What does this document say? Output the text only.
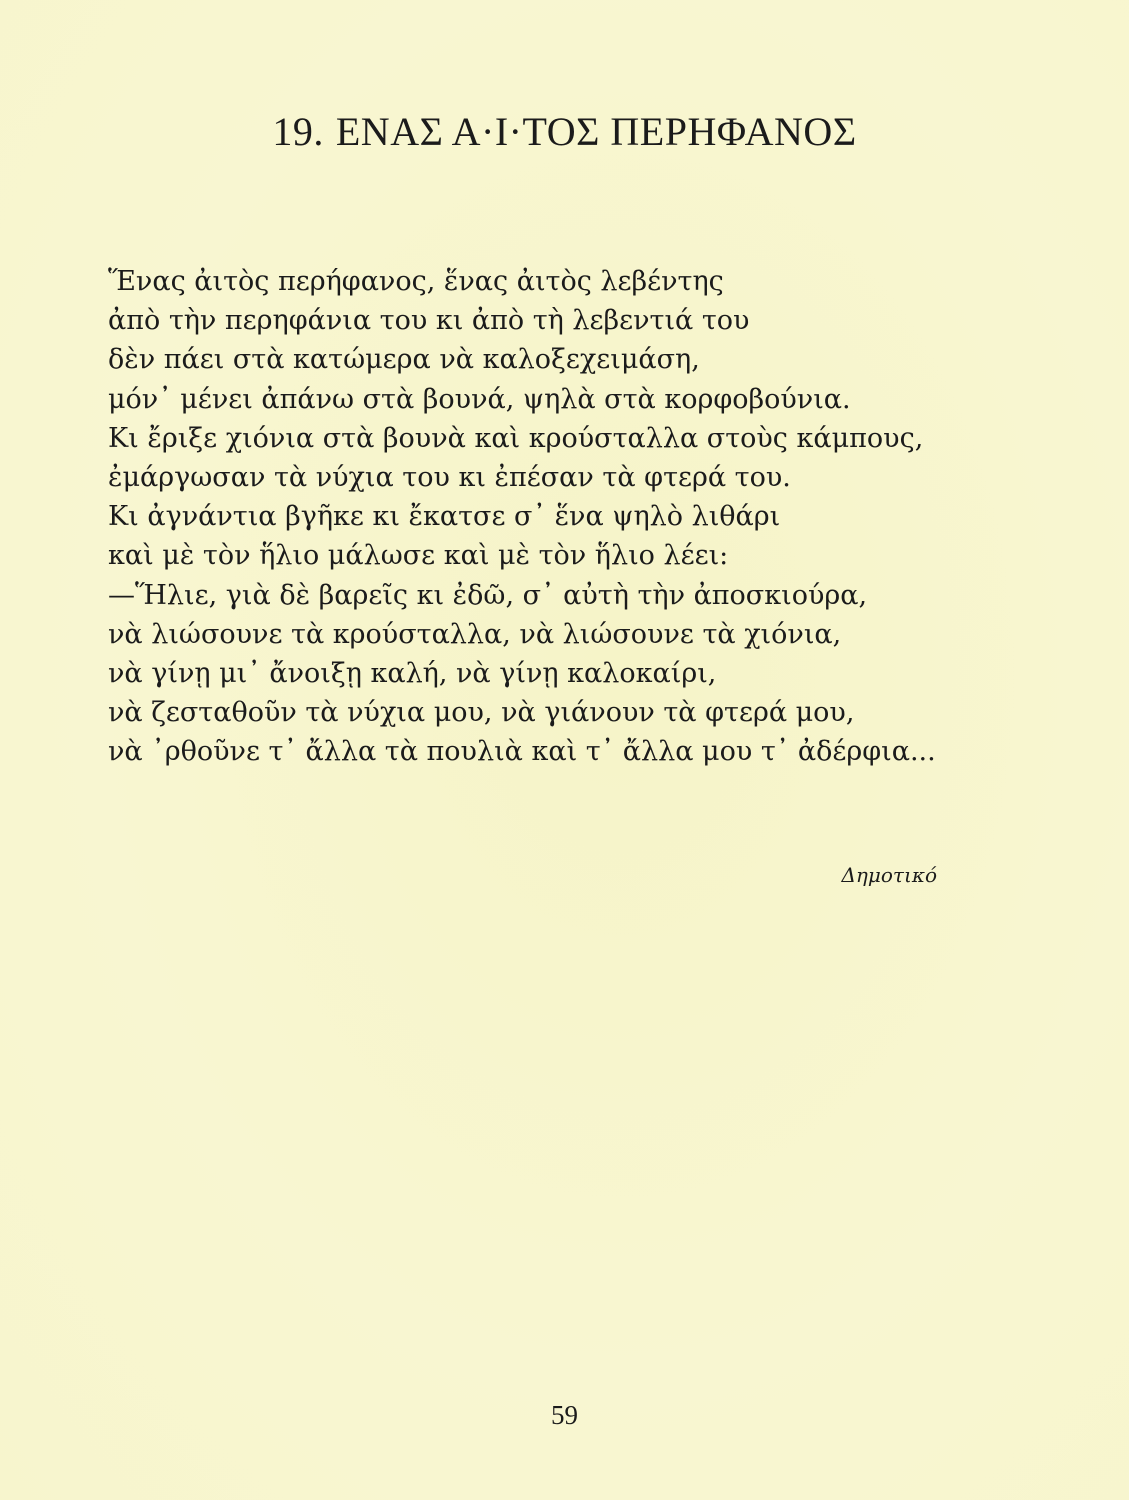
19. ΕΝΑΣ Α·Ι·ΤΟΣ ΠΕΡΗΦΑΝΟΣ
Ἕνας ἀιτὸς περήφανος, ἕνας ἀιτὸς λεβέντης
ἀπὸ τὴν περηφάνια του κι ἀπὸ τὴ λεβεντιά του
δὲν πάει στὰ κατώμερα νὰ καλοξεχειμάση,
μόν᾽ μένει ἀπάνω στὰ βουνά, ψηλὰ στὰ κορφοβούνια.
Κι ἔριξε χιόνια στὰ βουνὰ καὶ κρούσταλλα στοὺς κάμπους,
ἐμάργωσαν τὰ νύχια του κι ἐπέσαν τὰ φτερά του.
Κι ἀγνάντια βγῆκε κι ἔκατσε σ᾽ ἕνα ψηλὸ λιθάρι
καὶ μὲ τὸν ἥλιο μάλωσε καὶ μὲ τὸν ἥλιο λέει:
—Ἥλιε, γιὰ δὲ βαρεῖς κι ἐδῶ, σ᾽ αὐτὴ τὴν ἀποσκιούρα,
νὰ λιώσουνε τὰ κρούσταλλα, νὰ λιώσουνε τὰ χιόνια,
νὰ γίνῃ μι᾽ ἄνοιξῃ καλή, νὰ γίνῃ καλοκαίρι,
νὰ ζεσταθοῦν τὰ νύχια μου, νὰ γιάνουν τὰ φτερά μου,
νὰ ᾽ρθοῦνε τ᾽ ἄλλα τὰ πουλιὰ καὶ τ᾽ ἄλλα μου τ᾽ ἀδέρφια...
Δημοτικό
59
